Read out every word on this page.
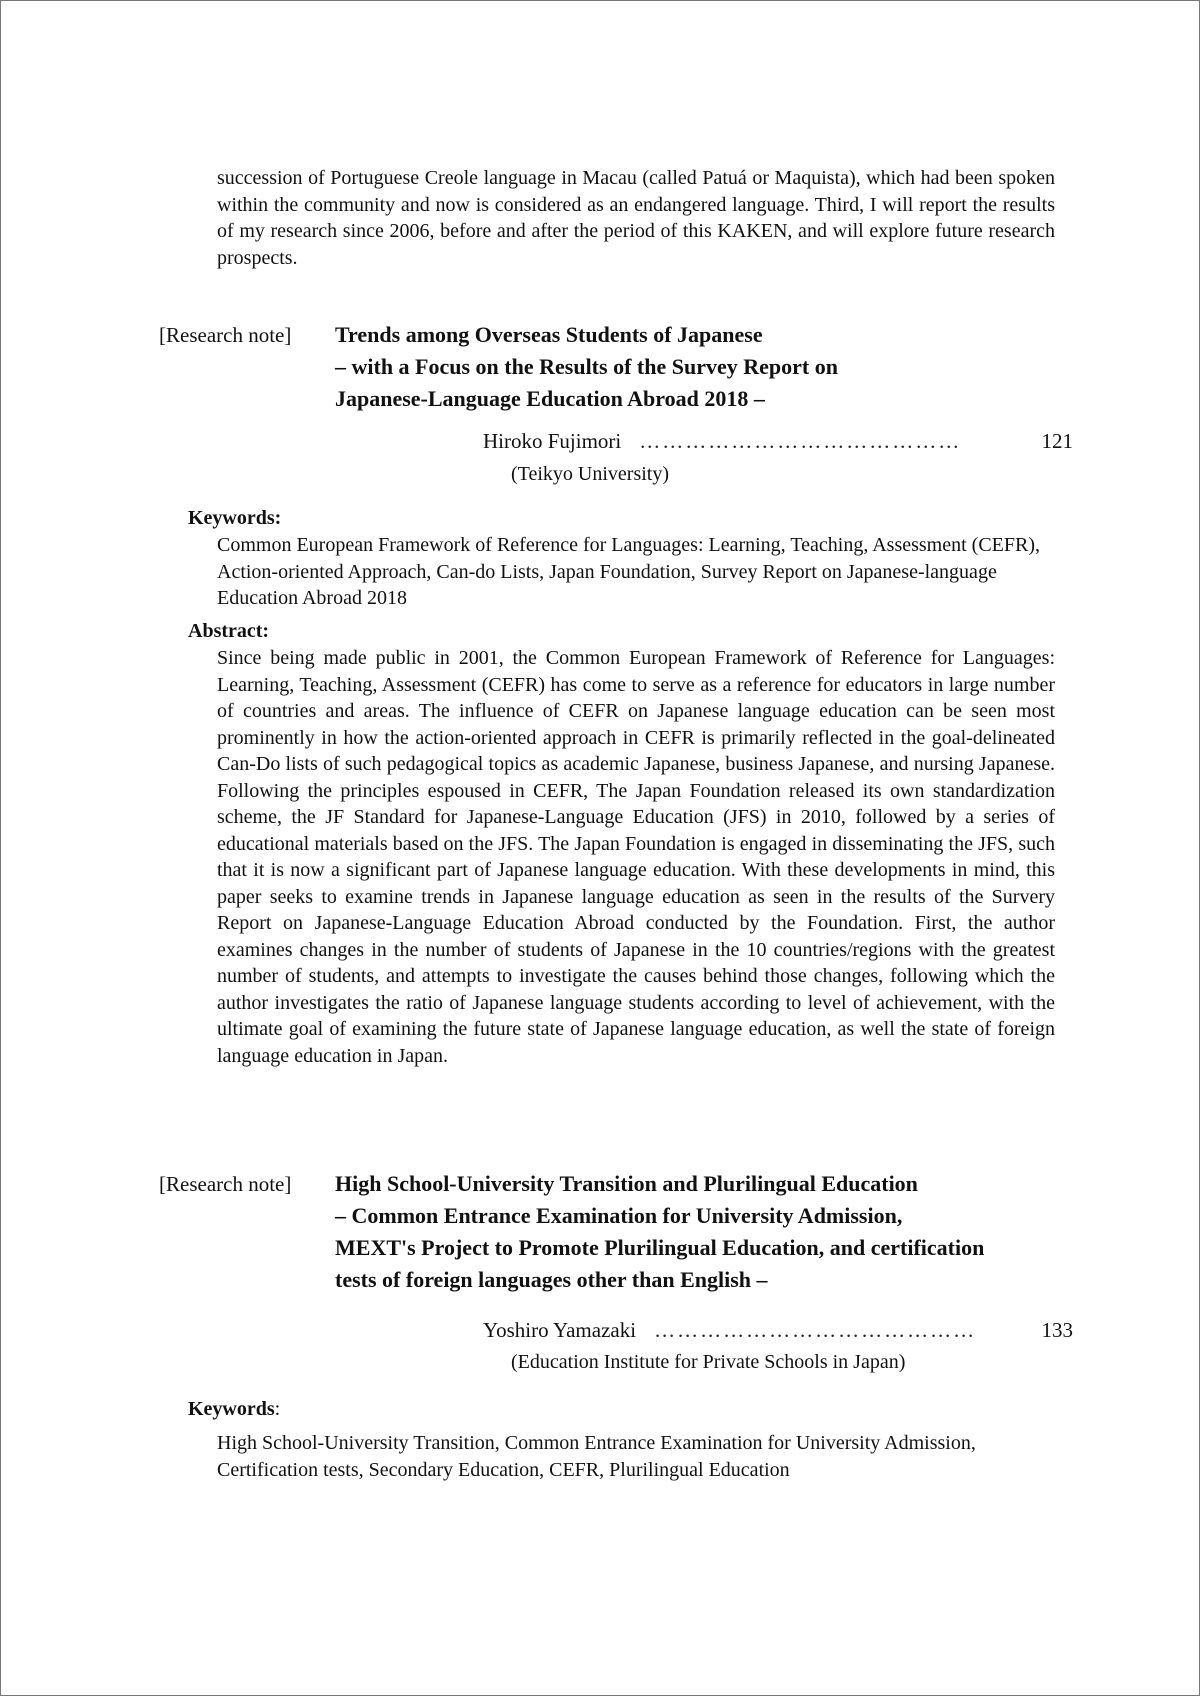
succession of Portuguese Creole language in Macau (called Patuá or Maquista), which had been spoken within the community and now is considered as an endangered language. Third, I will report the results of my research since 2006, before and after the period of this KAKEN, and will explore future research prospects.
[Research note] Trends among Overseas Students of Japanese
– with a Focus on the Results of the Survey Report on
Japanese-Language Education Abroad 2018 –
Hiroko Fujimori ……………………………………	121
(Teikyo University)
Keywords:
Common European Framework of Reference for Languages: Learning, Teaching, Assessment (CEFR), Action-oriented Approach, Can-do Lists, Japan Foundation, Survey Report on Japanese-language Education Abroad 2018
Abstract:
Since being made public in 2001, the Common European Framework of Reference for Languages: Learning, Teaching, Assessment (CEFR) has come to serve as a reference for educators in large number of countries and areas. The influence of CEFR on Japanese language education can be seen most prominently in how the action-oriented approach in CEFR is primarily reflected in the goal-delineated Can-Do lists of such pedagogical topics as academic Japanese, business Japanese, and nursing Japanese. Following the principles espoused in CEFR, The Japan Foundation released its own standardization scheme, the JF Standard for Japanese-Language Education (JFS) in 2010, followed by a series of educational materials based on the JFS. The Japan Foundation is engaged in disseminating the JFS, such that it is now a significant part of Japanese language education. With these developments in mind, this paper seeks to examine trends in Japanese language education as seen in the results of the Survery Report on Japanese-Language Education Abroad conducted by the Foundation. First, the author examines changes in the number of students of Japanese in the 10 countries/regions with the greatest number of students, and attempts to investigate the causes behind those changes, following which the author investigates the ratio of Japanese language students according to level of achievement, with the ultimate goal of examining the future state of Japanese language education, as well the state of foreign language education in Japan.
[Research note] High School-University Transition and Plurilingual Education
– Common Entrance Examination for University Admission,
MEXT's Project to Promote Plurilingual Education, and certification
tests of foreign languages other than English –
Yoshiro Yamazaki ……………………………………	133
(Education Institute for Private Schools in Japan)
Keywords:
High School-University Transition, Common Entrance Examination for University Admission, Certification tests, Secondary Education, CEFR, Plurilingual Education
